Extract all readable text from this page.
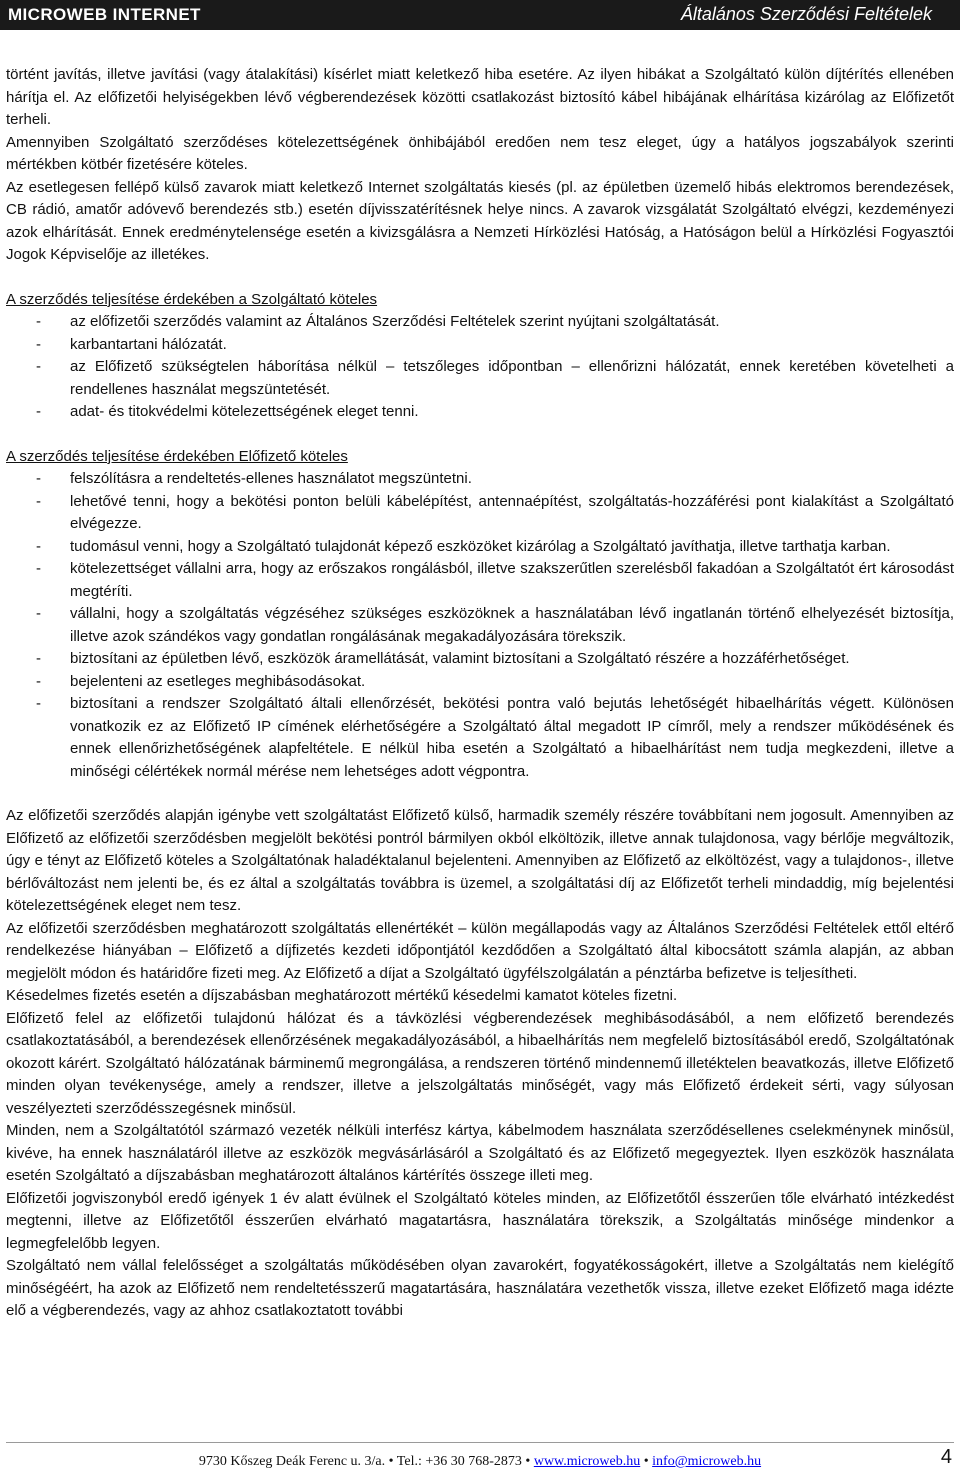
MICROWEB INTERNET	Általános Szerződési Feltételek

történt javítás, illetve javítási (vagy átalakítási) kísérlet miatt keletkező hiba esetére. Az ilyen hibákat a Szolgáltató külön díjtérítés ellenében hárítja el. Az előfizetői helyiségekben lévő végberendezések közötti csatlakozást biztosító kábel hibájának elhárítása kizárólag az Előfizetőt terheli.

Amennyiben Szolgáltató szerződéses kötelezettségének önhibájából eredően nem tesz eleget, úgy a hatályos jogszabályok szerinti mértékben kötbér fizetésére köteles.

Az esetlegesen fellépő külső zavarok miatt keletkező Internet szolgáltatás kiesés (pl. az épületben üzemelő hibás elektromos berendezések, CB rádió, amatőr adóvevő berendezés stb.) esetén díjvisszatérítésnek helye nincs. A zavarok vizsgálatát Szolgáltató elvégzi, kezdeményezi azok elhárítását. Ennek eredménytelensége esetén a kivizsgálásra a Nemzeti Hírközlési Hatóság, a Hatóságon belül a Hírközlési Fogyasztói Jogok Képviselője az illetékes.

A szerződés teljesítése érdekében a Szolgáltató köteles

- az előfizetői szerződés valamint az Általános Szerződési Feltételek szerint nyújtani szolgáltatását.
- karbantartani hálózatát.
- az Előfizető szükségtelen háborítása nélkül – tetszőleges időpontban – ellenőrizni hálózatát, ennek keretében követelheti a rendellenes használat megszüntetését.
- adat- és titokvédelmi kötelezettségének eleget tenni.

A szerződés teljesítése érdekében Előfizető köteles

- felszólításra a rendeltetés-ellenes használatot megszüntetni.
- lehetővé tenni, hogy a bekötési ponton belüli kábelépítést, antennaépítést, szolgáltatás-hozzáférési pont kialakítást a Szolgáltató elvégezze.
- tudomásul venni, hogy a Szolgáltató tulajdonát képező eszközöket kizárólag a Szolgáltató javíthatja, illetve tarthatja karban.
- kötelezettséget vállalni arra, hogy az erőszakos rongálásból, illetve szakszerűtlen szerelésből fakadóan a Szolgáltatót ért károsodást megtéríti.
- vállalni, hogy a szolgáltatás végzéséhez szükséges eszközöknek a használatában lévő ingatlanán történő elhelyezését biztosítja, illetve azok szándékos vagy gondatlan rongálásának megakadályozására törekszik.
- biztosítani az épületben lévő, eszközök áramellátását, valamint biztosítani a Szolgáltató részére a hozzáférhetőséget.
- bejelenteni az esetleges meghibásodásokat.
- biztosítani a rendszer Szolgáltató általi ellenőrzését, bekötési pontra való bejutás lehetőségét hibaelhárítás végett. Különösen vonatkozik ez az Előfizető IP címének elérhetőségére a Szolgáltató által megadott IP címről, mely a rendszer működésének és ennek ellenőrizhetőségének alapfeltétele. E nélkül hiba esetén a Szolgáltató a hibaelhárítást nem tudja megkezdeni, illetve a minőségi célértékek normál mérése nem lehetséges adott végpontra.

Az előfizetői szerződés alapján igénybe vett szolgáltatást Előfizető külső, harmadik személy részére továbbítani nem jogosult. Amennyiben az Előfizető az előfizetői szerződésben megjelölt bekötési pontról bármilyen okból elköltözik, illetve annak tulajdonosa, vagy bérlője megváltozik, úgy e tényt az Előfizető köteles a Szolgáltatónak haladéktalanul bejelenteni. Amennyiben az Előfizető az elköltözést, vagy a tulajdonos-, illetve bérlőváltozást nem jelenti be, és ez által a szolgáltatás továbbra is üzemel, a szolgáltatási díj az Előfizetőt terheli mindaddig, míg bejelentési kötelezettségének eleget nem tesz.

Az előfizetői szerződésben meghatározott szolgáltatás ellenértékét – külön megállapodás vagy az Általános Szerződési Feltételek ettől eltérő rendelkezése hiányában – Előfizető a díjfizetés kezdeti időpontjától kezdődően a Szolgáltató által kibocsátott számla alapján, az abban megjelölt módon és határidőre fizeti meg. Az Előfizető a díjat a Szolgáltató ügyfélszolgálatán a pénztárba befizetve is teljesítheti.

Késedelmes fizetés esetén a díjszabásban meghatározott mértékű késedelmi kamatot köteles fizetni.

Előfizető felel az előfizetői tulajdonú hálózat és a távközlési végberendezések meghibásodásából, a nem előfizető berendezés csatlakoztatásából, a berendezések ellenőrzésének megakadályozásából, a hibaelhárítás nem megfelelő biztosításából eredő, Szolgáltatónak okozott kárért. Szolgáltató hálózatának bárminemű megrongálása, a rendszeren történő mindennemű illetéktelen beavatkozás, illetve Előfizető minden olyan tevékenysége, amely a rendszer, illetve a jelszolgáltatás minőségét, vagy más Előfizető érdekeit sérti, vagy súlyosan veszélyezteti szerződésszegésnek minősül.

Minden, nem a Szolgáltatótól származó vezeték nélküli interfész kártya, kábelmodem használata szerződésellenes cselekménynek minősül, kivéve, ha ennek használatáról illetve az eszközök megvásárlásáról a Szolgáltató és az Előfizető megegyeztek. Ilyen eszközök használata esetén Szolgáltató a díjszabásban meghatározott általános kártérítés összege illeti meg.

Előfizetői jogviszonyból eredő igények 1 év alatt évülnek el Szolgáltató köteles minden, az Előfizetőtől ésszerűen tőle elvárható intézkedést megtenni, illetve az Előfizetőtől ésszerűen elvárható magatartásra, használatára törekszik, a Szolgáltatás minősége mindenkor a legmegfelelőbb legyen.

Szolgáltató nem vállal felelősséget a szolgáltatás működésében olyan zavarokért, fogyatékosságokért, illetve a Szolgáltatás nem kielégítő minőségéért, ha azok az Előfizető nem rendeltetésszerű magatartására, használatára vezethetők vissza, illetve ezeket Előfizető maga idézte elő a végberendezés, vagy az ahhoz csatlakoztatott további

9730 Kőszeg Deák Ferenc u. 3/a. • Tel.: +36 30 768-2873 • www.microweb.hu • info@microweb.hu	4
